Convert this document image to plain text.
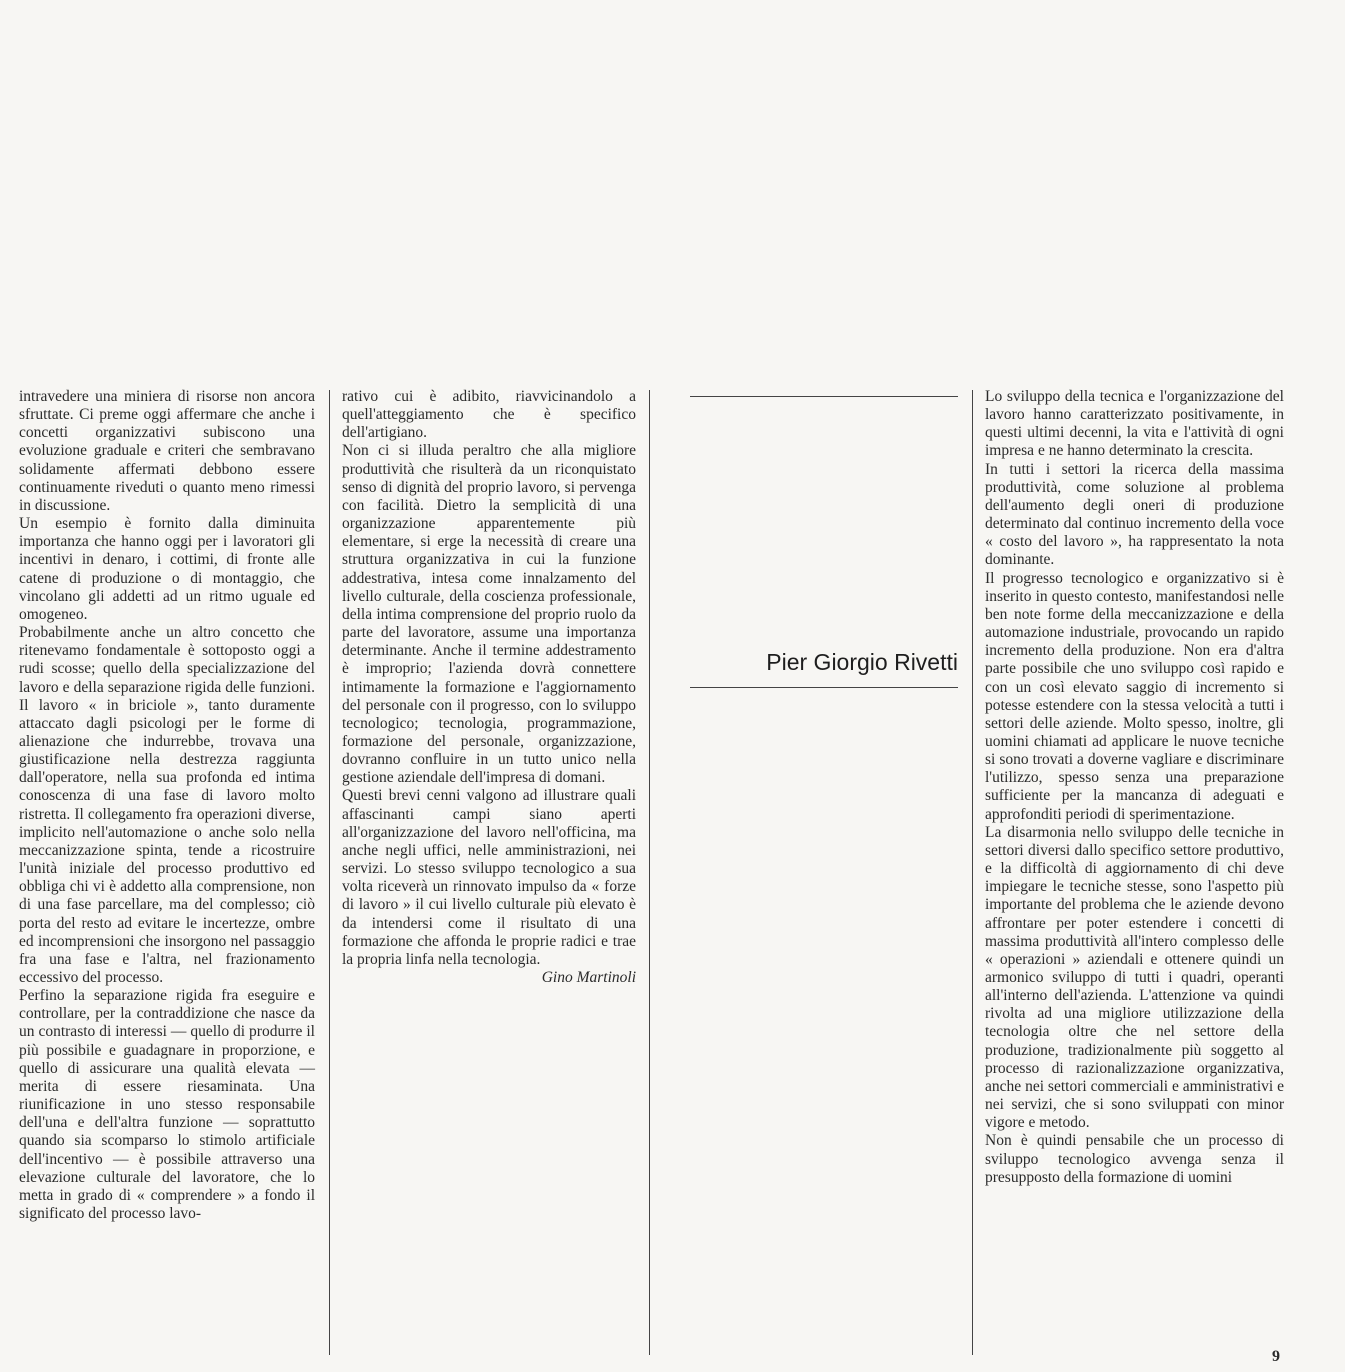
intravedere una miniera di risorse non ancora sfruttate. Ci preme oggi affermare che anche i concetti organizzativi subiscono una evoluzione graduale e criteri che sembravano solidamente affermati debbono essere continuamente riveduti o quanto meno rimessi in discussione.

Un esempio è fornito dalla diminuita importanza che hanno oggi per i lavoratori gli incentivi in denaro, i cottimi, di fronte alle catene di produzione o di montaggio, che vincolano gli addetti ad un ritmo uguale ed omogeneo.

Probabilmente anche un altro concetto che ritenevamo fondamentale è sottoposto oggi a rudi scosse; quello della specializzazione del lavoro e della separazione rigida delle funzioni. Il lavoro « in briciole », tanto duramente attaccato dagli psicologi per le forme di alienazione che indurrebbe, trovava una giustificazione nella destrezza raggiunta dall'operatore, nella sua profonda ed intima conoscenza di una fase di lavoro molto ristretta. Il collegamento fra operazioni diverse, implicito nell'automazione o anche solo nella meccanizzazione spinta, tende a ricostruire l'unità iniziale del processo produttivo ed obbliga chi vi è addetto alla comprensione, non di una fase parcellare, ma del complesso; ciò porta del resto ad evitare le incertezze, ombre ed incomprensioni che insorgono nel passaggio fra una fase e l'altra, nel frazionamento eccessivo del processo.

Perfino la separazione rigida fra eseguire e controllare, per la contraddizione che nasce da un contrasto di interessi — quello di produrre il più possibile e guadagnare in proporzione, e quello di assicurare una qualità elevata — merita di essere riesaminata. Una riunificazione in uno stesso responsabile dell'una e dell'altra funzione — soprattutto quando sia scomparso lo stimolo artificiale dell'incentivo — è possibile attraverso una elevazione culturale del lavoratore, che lo metta in grado di « comprendere » a fondo il significato del processo lavo-

rativo cui è adibito, riavvicinandolo a quell'atteggiamento che è specifico dell'artigiano.

Non ci si illuda peraltro che alla migliore produttività che risulterà da un riconquistato senso di dignità del proprio lavoro, si pervenga con facilità. Dietro la semplicità di una organizzazione apparentemente più elementare, si erge la necessità di creare una struttura organizzativa in cui la funzione addestrativa, intesa come innalzamento del livello culturale, della coscienza professionale, della intima comprensione del proprio ruolo da parte del lavoratore, assume una importanza determinante. Anche il termine addestramento è improprio; l'azienda dovrà connettere intimamente la formazione e l'aggiornamento del personale con il progresso, con lo sviluppo tecnologico; tecnologia, programmazione, formazione del personale, organizzazione, dovranno confluire in un tutto unico nella gestione aziendale dell'impresa di domani.

Questi brevi cenni valgono ad illustrare quali affascinanti campi siano aperti all'organizzazione del lavoro nell'officina, ma anche negli uffici, nelle amministrazioni, nei servizi. Lo stesso sviluppo tecnologico a sua volta riceverà un rinnovato impulso da « forze di lavoro » il cui livello culturale più elevato è da intendersi come il risultato di una formazione che affonda le proprie radici e trae la propria linfa nella tecnologia.

Gino Martinoli

Pier Giorgio Rivetti

Lo sviluppo della tecnica e l'organizzazione del lavoro hanno caratterizzato positivamente, in questi ultimi decenni, la vita e l'attività di ogni impresa e ne hanno determinato la crescita.

In tutti i settori la ricerca della massima produttività, come soluzione al problema dell'aumento degli oneri di produzione determinato dal continuo incremento della voce « costo del lavoro », ha rappresentato la nota dominante.

Il progresso tecnologico e organizzativo si è inserito in questo contesto, manifestandosi nelle ben note forme della meccanizzazione e della automazione industriale, provocando un rapido incremento della produzione. Non era d'altra parte possibile che uno sviluppo così rapido e con un così elevato saggio di incremento si potesse estendere con la stessa velocità a tutti i settori delle aziende. Molto spesso, inoltre, gli uomini chiamati ad applicare le nuove tecniche si sono trovati a doverne vagliare e discriminare l'utilizzo, spesso senza una preparazione sufficiente per la mancanza di adeguati e approfonditi periodi di sperimentazione.

La disarmonia nello sviluppo delle tecniche in settori diversi dallo specifico settore produttivo, e la difficoltà di aggiornamento di chi deve impiegare le tecniche stesse, sono l'aspetto più importante del problema che le aziende devono affrontare per poter estendere i concetti di massima produttività all'intero complesso delle « operazioni » aziendali e ottenere quindi un armonico sviluppo di tutti i quadri, operanti all'interno dell'azienda. L'attenzione va quindi rivolta ad una migliore utilizzazione della tecnologia oltre che nel settore della produzione, tradizionalmente più soggetto al processo di razionalizzazione organizzativa, anche nei settori commerciali e amministrativi e nei servizi, che si sono sviluppati con minor vigore e metodo.

Non è quindi pensabile che un processo di sviluppo tecnologico avvenga senza il presupposto della formazione di uomini

9
